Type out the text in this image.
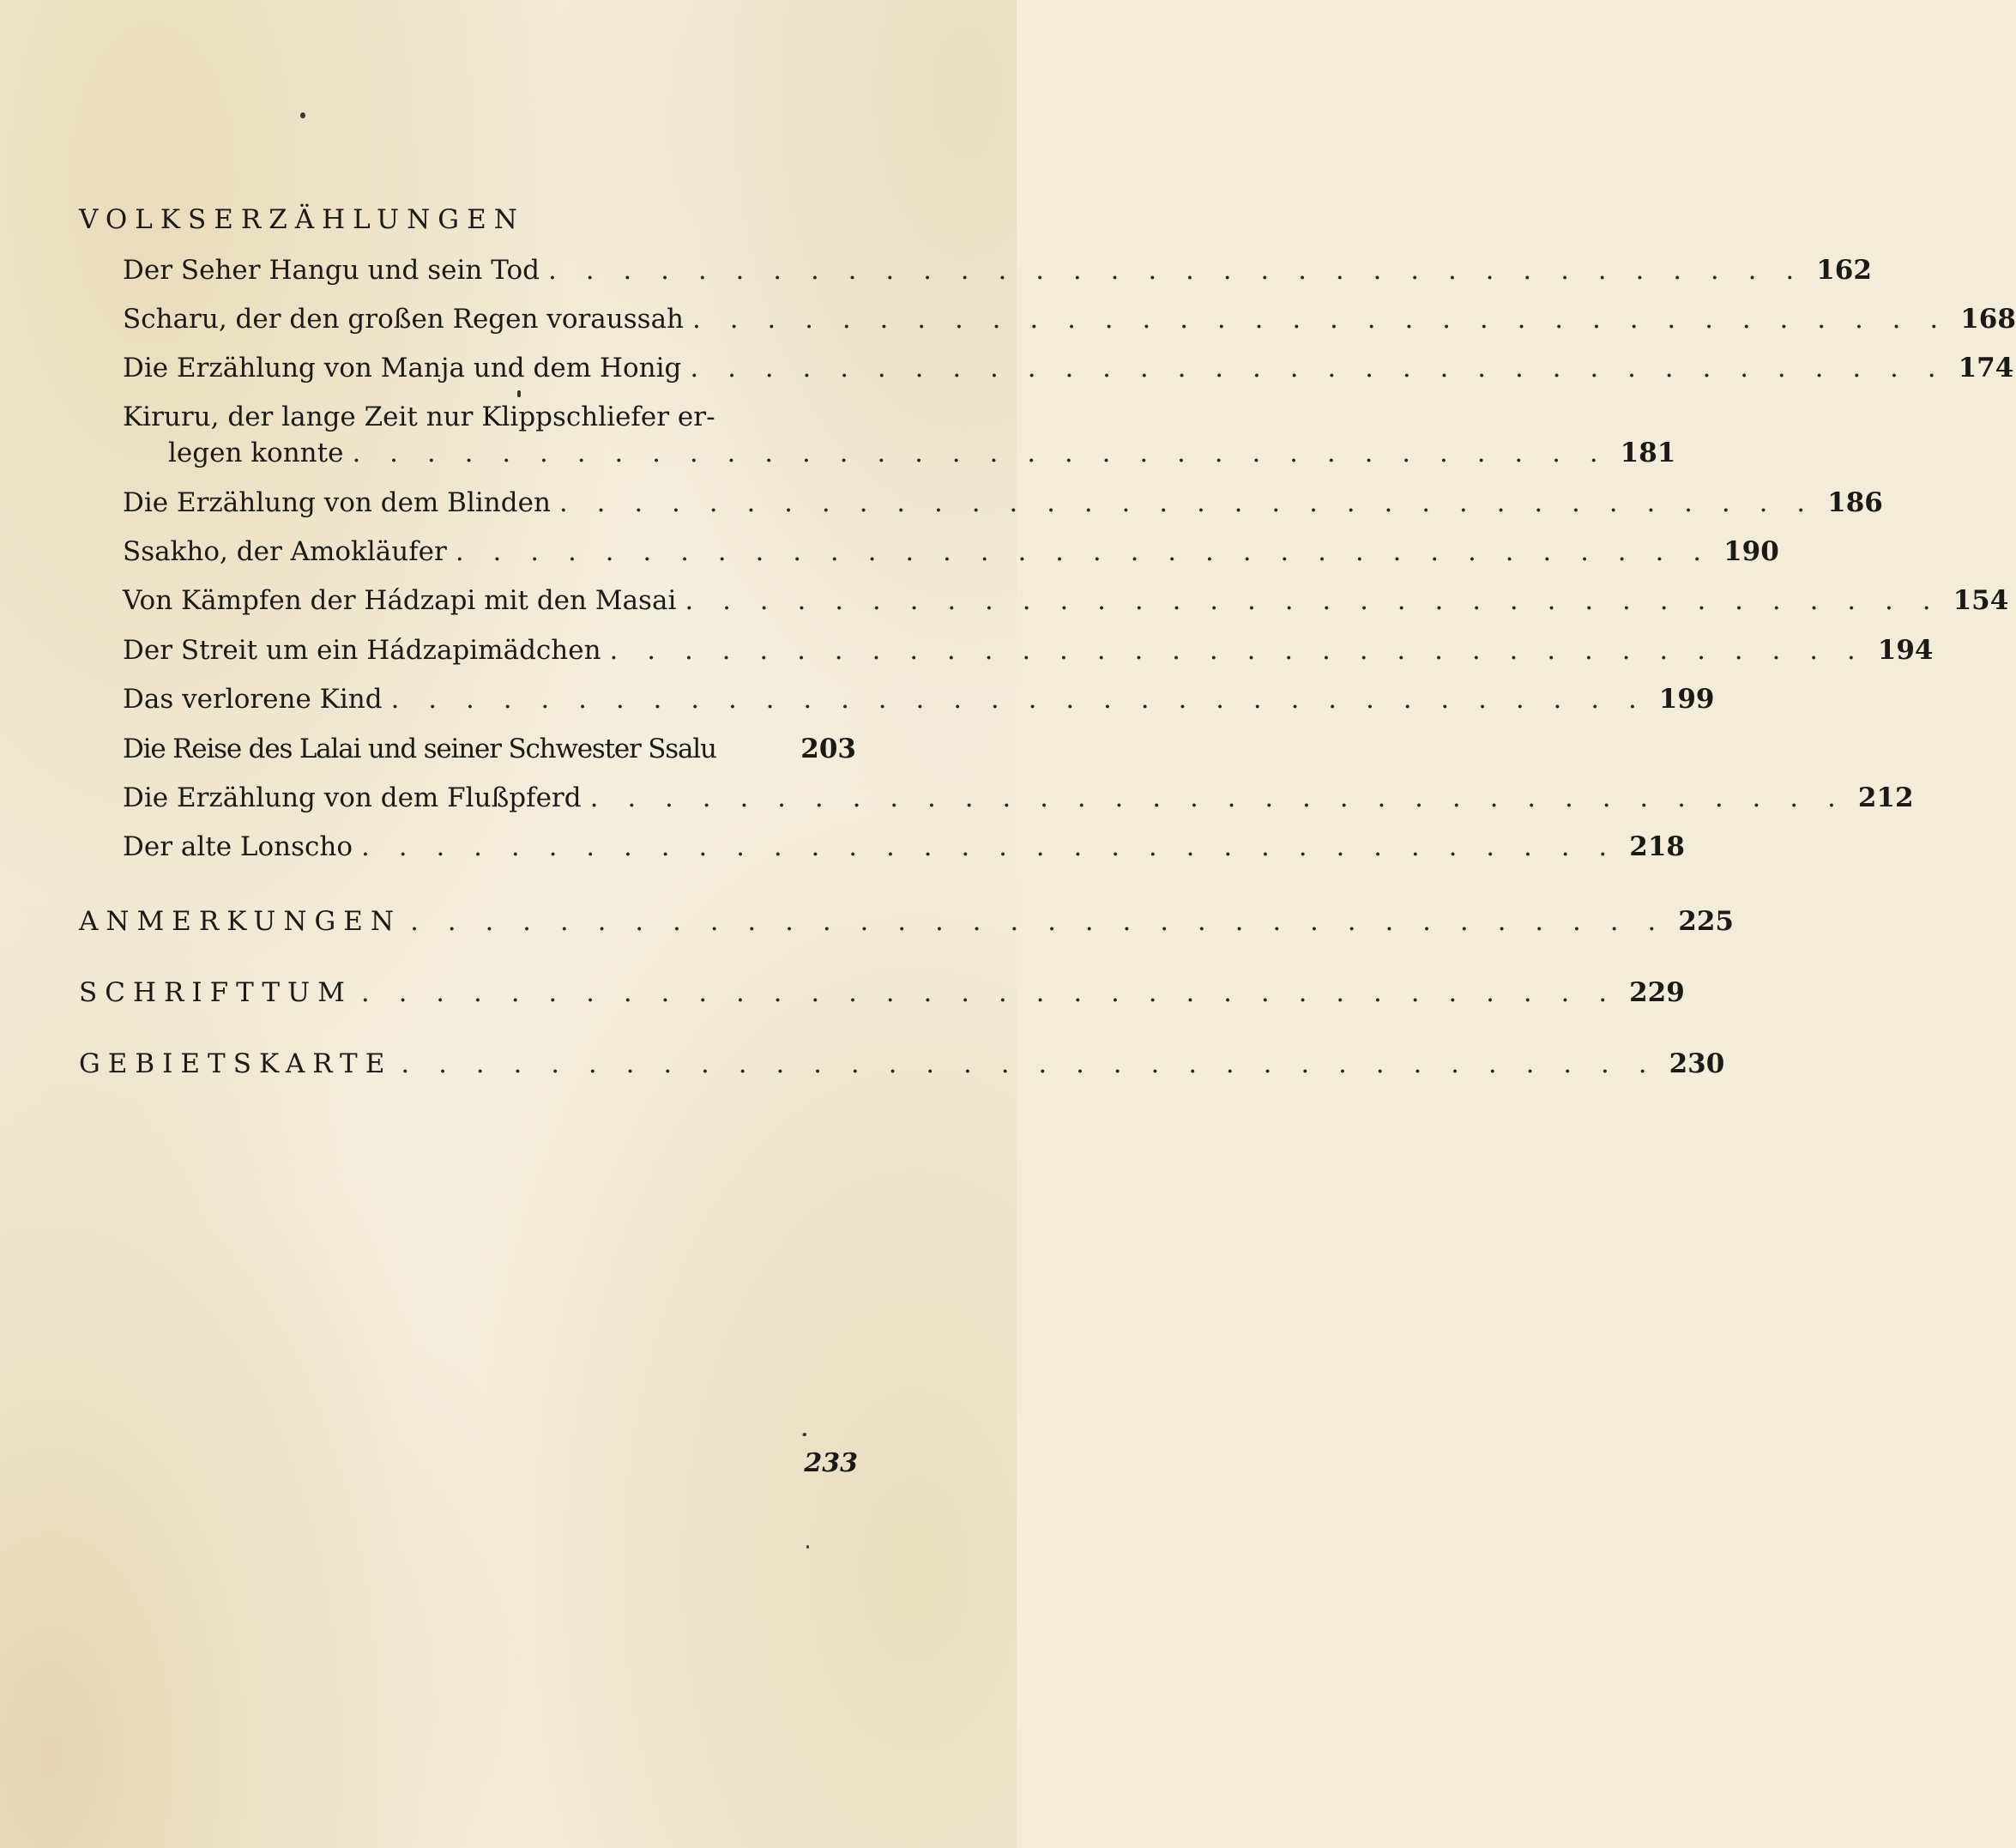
VOLKSERZÄHLUNGEN
Der Seher Hangu und sein Tod . . . . . . . . . . . . . . . . . . . . . . . . . . . . . . . . . . 162
Scharu, der den großen Regen voraussah . . . . . . . . . . . . . . . . . . . . . . . . . . . . . . . . . . 168
Die Erzählung von Manja und dem Honig . . . . . . . . . . . . . . . . . . . . . . . . . . . . . . . . . . 174
Kiruru, der lange Zeit nur Klippschliefer er-
legen konnte . . . . . . . . . . . . . . . . . . . . . . . . . . . . . . . . . . 181
Die Erzählung von dem Blinden . . . . . . . . . . . . . . . . . . . . . . . . . . . . . . . . . . 186
Ssakho, der Amokläufer . . . . . . . . . . . . . . . . . . . . . . . . . . . . . . . . . . 190
Von Kämpfen der Hádzapi mit den Masai . . . . . . . . . . . . . . . . . . . . . . . . . . . . . . . . . . 154
Der Streit um ein Hádzapimädchen . . . . . . . . . . . . . . . . . . . . . . . . . . . . . . . . . . 194
Das verlorene Kind . . . . . . . . . . . . . . . . . . . . . . . . . . . . . . . . . . 199
Die Reise des Lalai und seiner Schwester Ssalu	203
Die Erzählung von dem Flußpferd . . . . . . . . . . . . . . . . . . . . . . . . . . . . . . . . . . 212
Der alte Lonscho . . . . . . . . . . . . . . . . . . . . . . . . . . . . . . . . . . 218
ANMERKUNGEN . . . . . . . . . . . . . . . . . . . . . . . . . . . . . . . . . . 225
SCHRIFTTUM . . . . . . . . . . . . . . . . . . . . . . . . . . . . . . . . . . 229
GEBIETSKARTE . . . . . . . . . . . . . . . . . . . . . . . . . . . . . . . . . . 230
233
